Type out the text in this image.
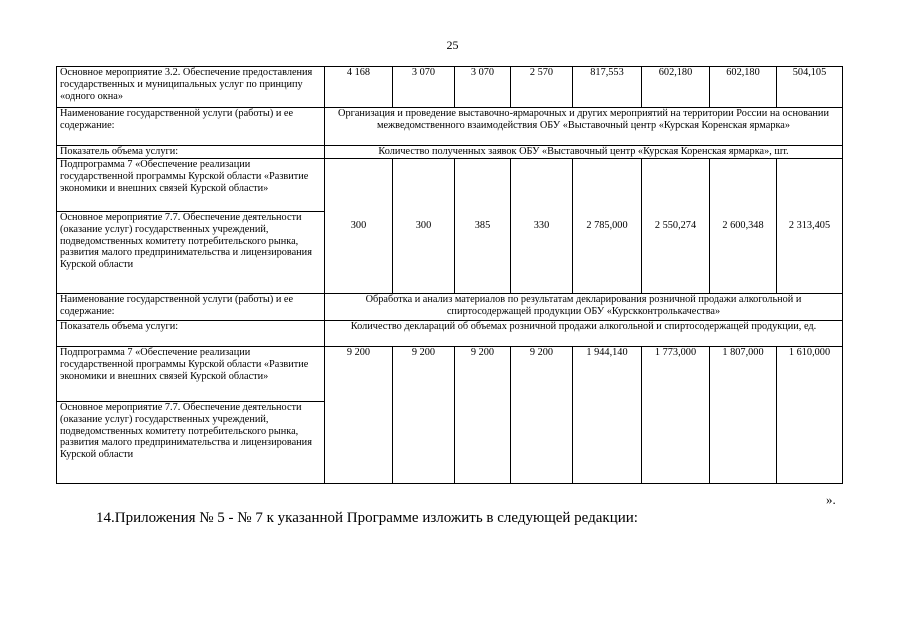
25
Основное мероприятие 3.2. Обеспечение предоставления государственных и муниципальных услуг по принципу «одного окна»	4 168	3 070	3 070	2 570	817,553	602,180	602,180	504,105
Наименование государственной услуги (работы) и ее содержание:	Организация и проведение выставочно-ярмарочных и других мероприятий на территории России на основании межведомственного взаимодействия ОБУ «Выставочный центр «Курская Коренская ярмарка»							
Показатель объема услуги:	Количество полученных заявок ОБУ «Выставочный центр «Курская Коренская ярмарка», шт.							
Подпрограмма 7 «Обеспечение реализации государственной программы Курской области «Развитие экономики и внешних связей Курской области»	300	300	385	330	2 785,000	2 550,274	2 600,348	2 313,405
Основное мероприятие 7.7. Обеспечение деятельности (оказание услуг) государственных учреждений, подведомственных комитету потребительского рынка, развития малого предпринимательства и лицензирования Курской области								
Наименование государственной услуги (работы) и ее содержание:	Обработка и анализ материалов по результатам декларирования розничной продажи алкогольной и спиртосодержащей продукции ОБУ «Курскконтролькачества»							
Показатель объема услуги:	Количество деклараций об объемах розничной продажи алкогольной и спиртосодержащей продукции, ед.							
Подпрограмма 7 «Обеспечение реализации государственной программы Курской области «Развитие экономики и внешних связей Курской области»	9 200	9 200	9 200	9 200	1 944,140	1 773,000	1 807,000	1 610,000
Основное мероприятие 7.7. Обеспечение деятельности (оказание услуг) государственных учреждений, подведомственных комитету потребительского рынка, развития малого предпринимательства и лицензирования Курской области								
».
14.Приложения № 5 - № 7 к указанной Программе изложить в следующей редакции:
